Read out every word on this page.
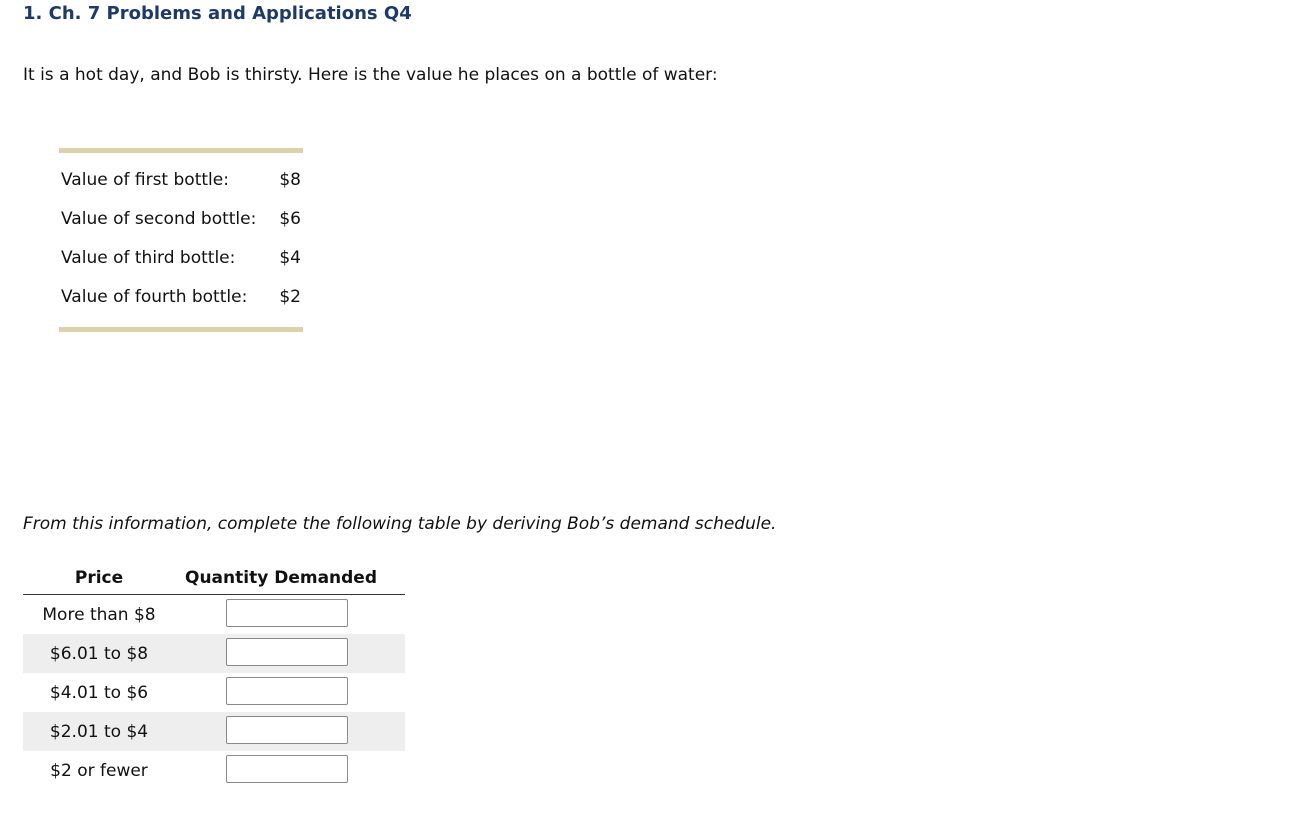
1. Ch. 7 Problems and Applications Q4
It is a hot day, and Bob is thirsty. Here is the value he places on a bottle of water:
Value of first bottle:	$8
Value of second bottle: $6
Value of third bottle:	$4
Value of fourth bottle: $2
From this information, complete the following table by deriving Bob’s demand schedule.
Price	Quantity Demanded
More than $8
$6.01 to $8
$4.01 to $6
$2.01 to $4
$2 or fewer
